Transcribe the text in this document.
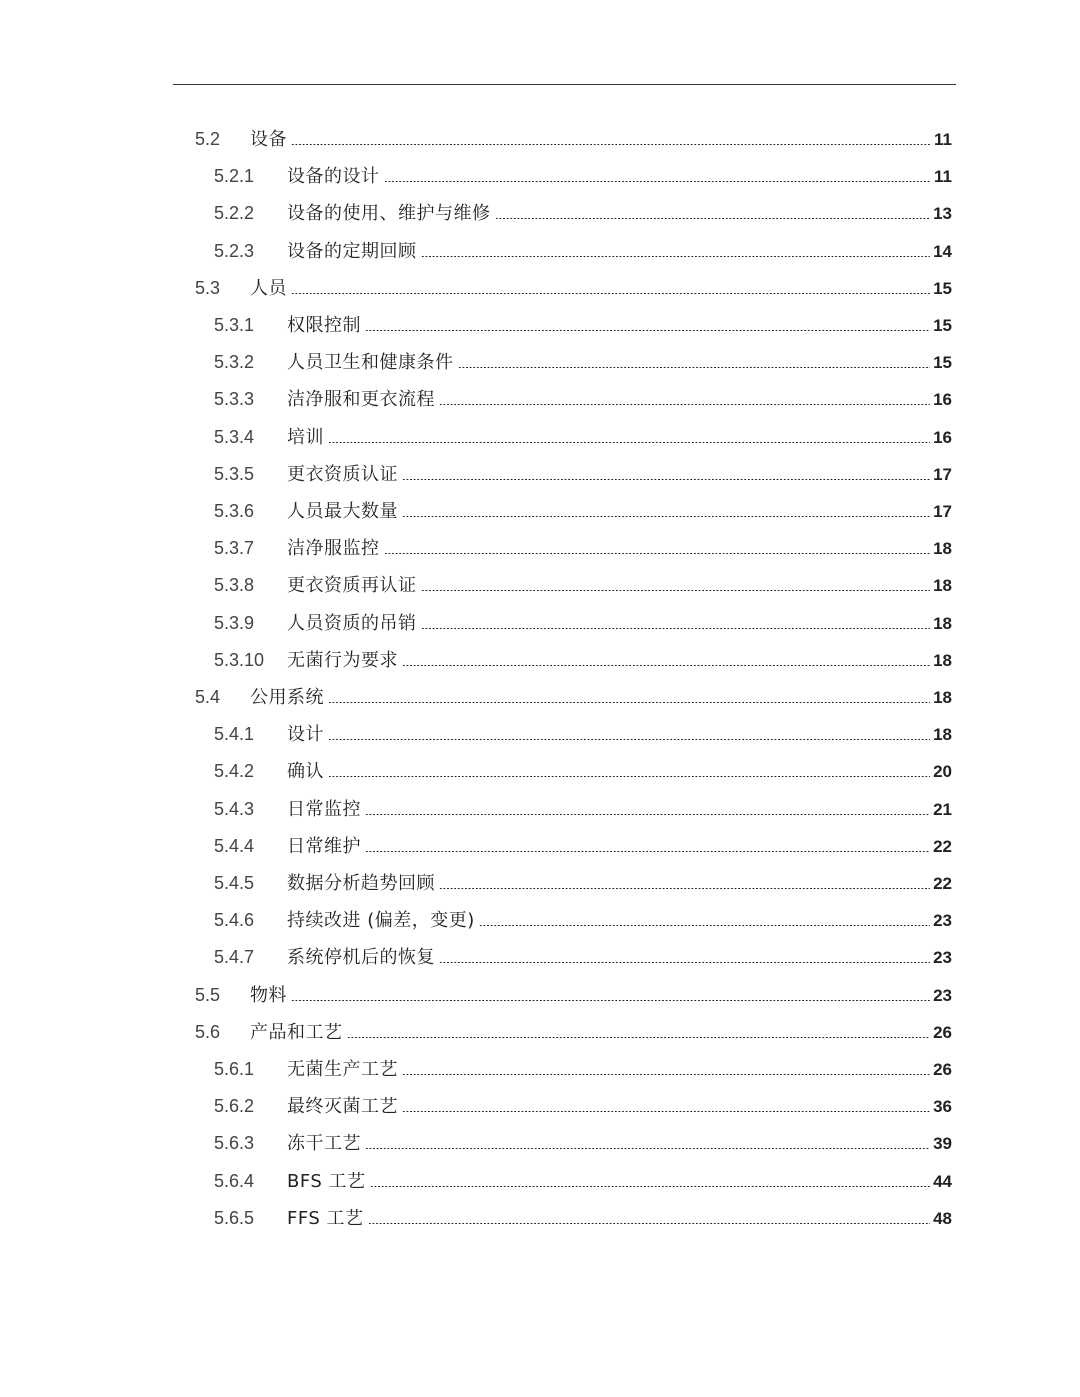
5.2 设备	11
5.2.1 设备的设计	11
5.2.2 设备的使用、维护与维修	13
5.2.3 设备的定期回顾	14
5.3 人员	15
5.3.1 权限控制	15
5.3.2 人员卫生和健康条件	15
5.3.3 洁净服和更衣流程	16
5.3.4 培训	16
5.3.5 更衣资质认证	17
5.3.6 人员最大数量	17
5.3.7 洁净服监控	18
5.3.8 更衣资质再认证	18
5.3.9 人员资质的吊销	18
5.3.10 无菌行为要求	18
5.4 公用系统	18
5.4.1 设计	18
5.4.2 确认	20
5.4.3 日常监控	21
5.4.4 日常维护	22
5.4.5 数据分析趋势回顾	22
5.4.6 持续改进 (偏差，变更)	23
5.4.7 系统停机后的恢复	23
5.5 物料	23
5.6 产品和工艺	26
5.6.1 无菌生产工艺	26
5.6.2 最终灭菌工艺	36
5.6.3 冻干工艺	39
5.6.4 BFS 工艺	44
5.6.5 FFS 工艺	48
